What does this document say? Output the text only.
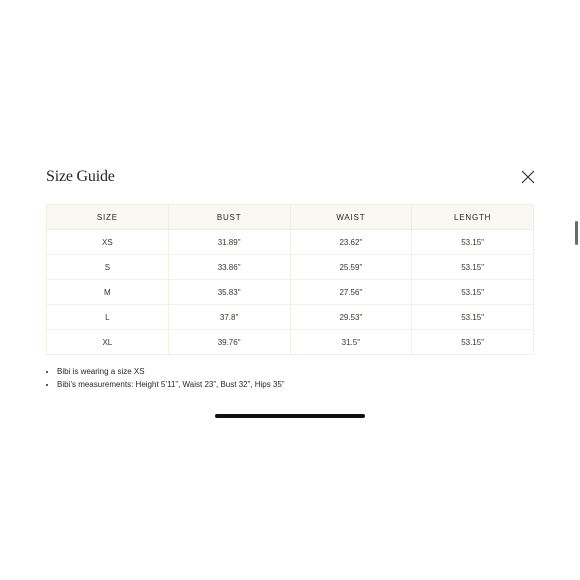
Size Guide
SIZE	BUST	WAIST	LENGTH
XS	31.89"	23.62"	53.15"
S	33.86"	25.59"	53.15"
M	35.83"	27.56"	53.15"
L	37.8"	29.53"	53.15"
XL	39.76"	31.5"	53.15"
• Bibi is wearing a size XS
• Bibi’s measurements: Height 5’11”, Waist 23”, Bust 32”, Hips 35”
